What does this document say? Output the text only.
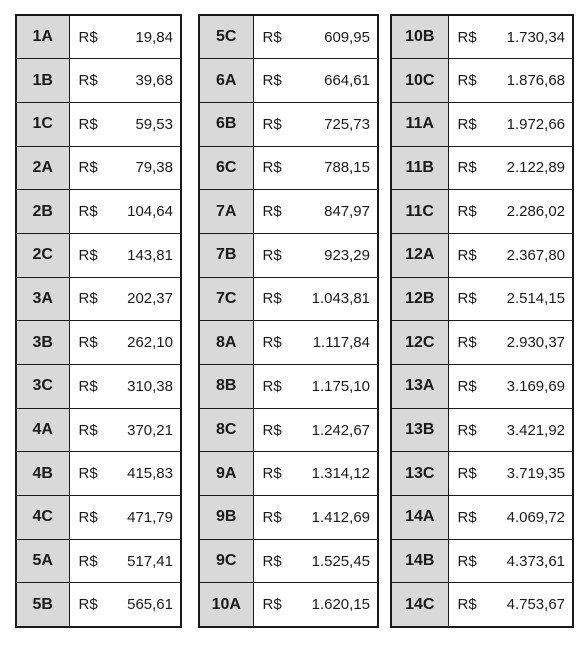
1A	R$ 19,84

1B	R$ 39,68

1C	R$ 59,53

2A	R$ 79,38

2B	R$ 104,64

2C	R$ 143,81

3A	R$ 202,37

3B	R$ 262,10

3C	R$ 310,38

4A	R$ 370,21

4B	R$ 415,83

4C	R$ 471,79

5A	R$ 517,41

5B	R$ 565,61
5C	R$ 609,95

6A	R$ 664,61

6B	R$ 725,73

6C	R$ 788,15

7A	R$ 847,97

7B	R$ 923,29

7C	R$ 1.043,81

8A	R$ 1.117,84

8B	R$ 1.175,10

8C	R$ 1.242,67

9A	R$ 1.314,12

9B	R$ 1.412,69

9C	R$ 1.525,45

10A	R$ 1.620,15
10B	R$ 1.730,34

10C	R$ 1.876,68

11A	R$ 1.972,66

11B	R$ 2.122,89

11C	R$ 2.286,02

12A	R$ 2.367,80

12B	R$ 2.514,15

12C	R$ 2.930,37

13A	R$ 3.169,69

13B	R$ 3.421,92

13C	R$ 3.719,35

14A	R$ 4.069,72

14B	R$ 4.373,61

14C	R$ 4.753,67
